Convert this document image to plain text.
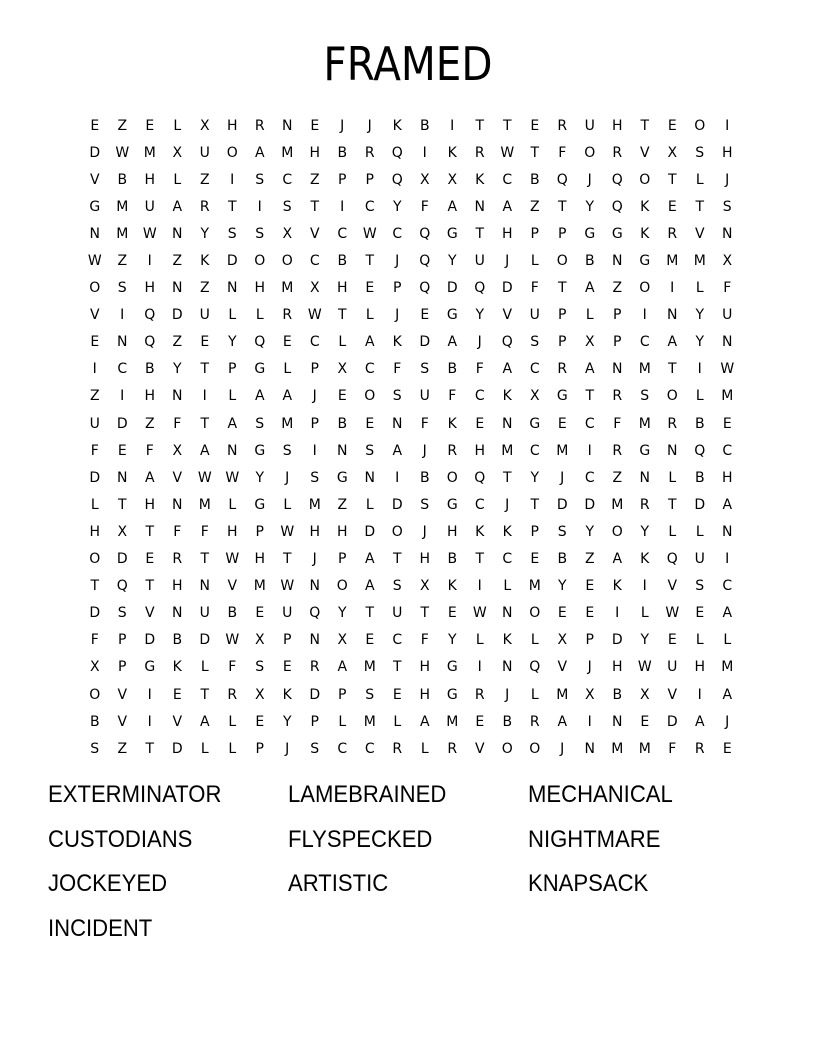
FRAMED
E	Z	E	L	X	H	R	N	E	J	J	K	B	I	T	T	E	R	U	H	T	E	O	I
D	W	M	X	U	O	A	M	H	B	R	Q	I	K	R	W	T	F	O	R	V	X	S	H
V	B	H	L	Z	I	S	C	Z	P	P	Q	X	X	K	C	B	Q	J	Q	O	T	L	J
G	M	U	A	R	T	I	S	T	I	C	Y	F	A	N	A	Z	T	Y	Q	K	E	T	S
N	M	W	N	Y	S	S	X	V	C	W	C	Q	G	T	H	P	P	G	G	K	R	V	N
W	Z	I	Z	K	D	O	O	C	B	T	J	Q	Y	U	J	L	O	B	N	G	M	M	X
O	S	H	N	Z	N	H	M	X	H	E	P	Q	D	Q	D	F	T	A	Z	O	I	L	F
V	I	Q	D	U	L	L	R	W	T	L	J	E	G	Y	V	U	P	L	P	I	N	Y	U
E	N	Q	Z	E	Y	Q	E	C	L	A	K	D	A	J	Q	S	P	X	P	C	A	Y	N
I	C	B	Y	T	P	G	L	P	X	C	F	S	B	F	A	C	R	A	N	M	T	I	W
Z	I	H	N	I	L	A	A	J	E	O	S	U	F	C	K	X	G	T	R	S	O	L	M
U	D	Z	F	T	A	S	M	P	B	E	N	F	K	E	N	G	E	C	F	M	R	B	E
F	E	F	X	A	N	G	S	I	N	S	A	J	R	H	M	C	M	I	R	G	N	Q	C
D	N	A	V	W W	Y	J	S	G	N	I	B	O	Q	T	Y	J	C	Z	N	L	B	H
L	T	H	N	M	L	G	L	M	Z	L	D	S	G	C	J	T	D	D	M	R	T	D	A
H	X	T	F	F	H	P	W	H	H	D	O	J	H	K	K	P	S	Y	O	Y	L	L	N
O	D	E	R	T	W	H	T	J	P	A	T	H	B	T	C	E	B	Z	A	K	Q	U	I
T	Q	T	H	N	V	M	W	N	O	A	S	X	K	I	L	M	Y	E	K	I	V	S	C
D	S	V	N	U	B	E	U	Q	Y	T	U	T	E	W	N	O	E	E	I	L	W	E	A
F	P	D	B	D	W	X	P	N	X	E	C	F	Y	L	K	L	X	P	D	Y	E	L	L
X	P	G	K	L	F	S	E	R	A	M	T	H	G	I	N	Q	V	J	H	W	U	H	M
O	V	I	E	T	R	X	K	D	P	S	E	H	G	R	J	L	M	X	B	X	V	I	A
B	V	I	V	A	L	E	Y	P	L	M	L	A	M	E	B	R	A	I	N	E	D	A	J
S	Z	T	D	L	L	P	J	S	C	C	R	L	R	V	O	O	J	N	M	M	F	R	E
EXTERMINATOR	LAMEBRAINED	MECHANICAL
CUSTODIANS	FLYSPECKED	NIGHTMARE
JOCKEYED	ARTISTIC	KNAPSACK
INCIDENT
